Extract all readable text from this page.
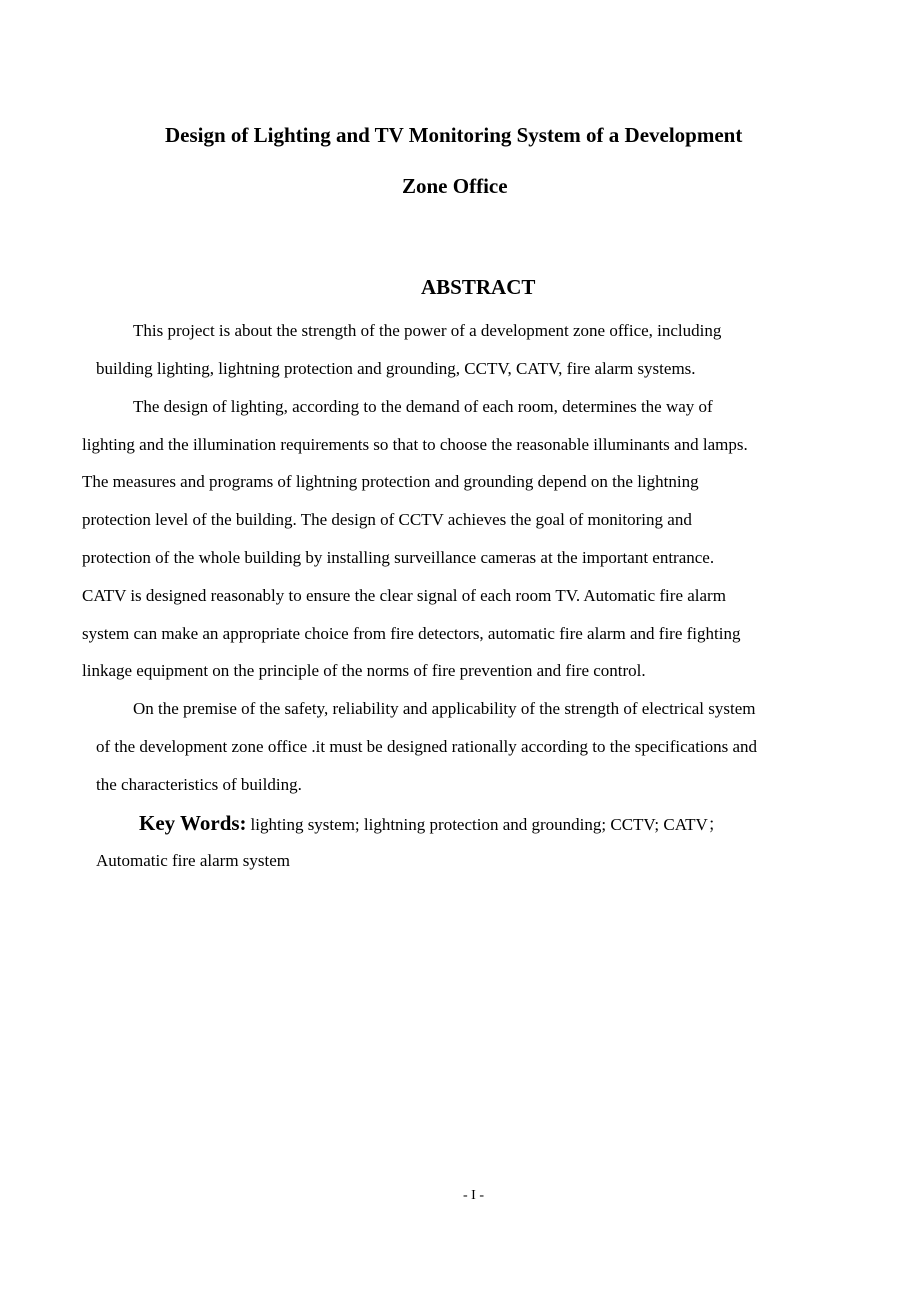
Design of Lighting and TV Monitoring System of a Development
Zone Office
ABSTRACT
This project is about the strength of the power of a development zone office, including
building lighting, lightning protection and grounding, CCTV, CATV, fire alarm systems.
The design of lighting, according to the demand of each room, determines the way of
lighting and the illumination requirements so that to choose the reasonable illuminants and lamps.
The measures and programs of lightning protection and grounding depend on the lightning
protection level of the building. The design of CCTV achieves the goal of monitoring and
protection of the whole building by installing surveillance cameras at the important entrance.
CATV is designed reasonably to ensure the clear signal of each room TV. Automatic fire alarm
system can make an appropriate choice from fire detectors, automatic fire alarm and fire fighting
linkage equipment on the principle of the norms of fire prevention and fire control.
On the premise of the safety, reliability and applicability of the strength of electrical system
of the development zone office .it must be designed rationally according to the specifications and
the characteristics of building.
Key Words: lighting system; lightning protection and grounding; CCTV; CATV；
Automatic fire alarm system
- I -
